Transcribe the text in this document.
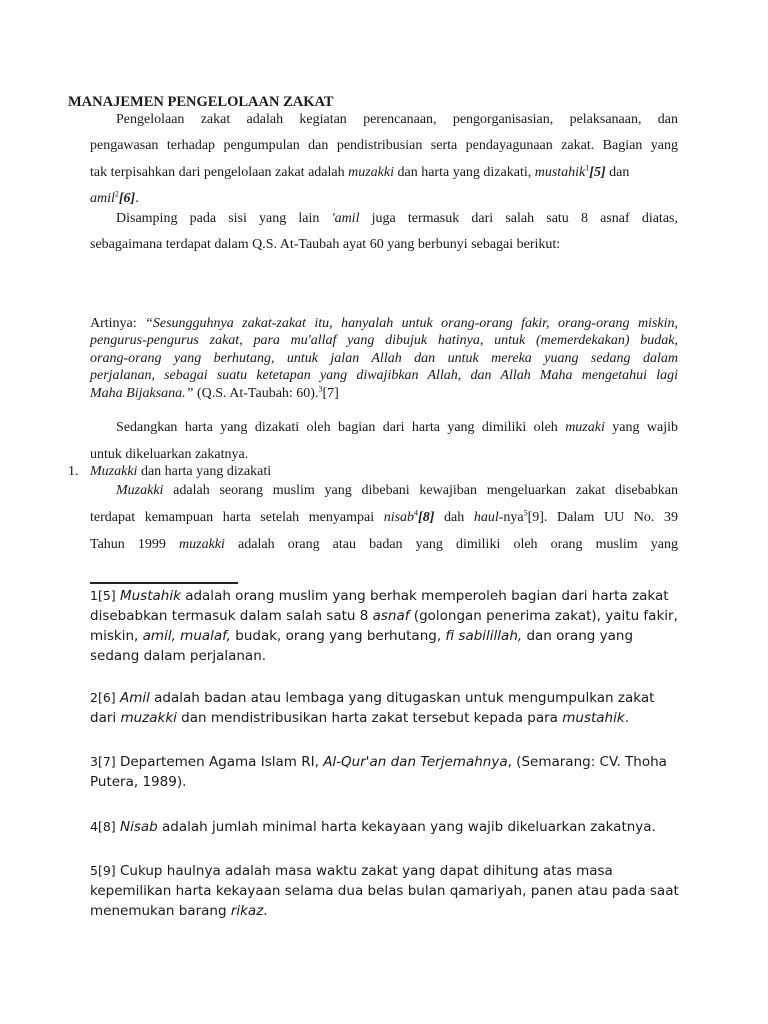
MANAJEMEN PENGELOLAAN ZAKAT
Pengelolaan zakat adalah kegiatan perencanaan, pengorganisasian, pelaksanaan, dan
pengawasan terhadap pengumpulan dan pendistribusian serta pendayagunaan zakat. Bagian yang
tak terpisahkan dari pengelolaan zakat adalah muzakki dan harta yang dizakati, mustahik$^1$[5] dan
amil$^2$[6].
Disamping pada sisi yang lain 'amil juga termasuk dari salah satu 8 asnaf diatas,
sebagaimana terdapat dalam Q.S. At-Taubah ayat 60 yang berbunyi sebagai berikut:
Artinya: “Sesungguhnya zakat-zakat itu, hanyalah untuk orang-orang fakir, orang-orang miskin,
pengurus-pengurus zakat, para mu'allaf yang dibujuk hatinya, untuk (memerdekakan) budak,
orang-orang yang berhutang, untuk jalan Allah dan untuk mereka yuang sedang dalam
perjalanan, sebagai suatu ketetapan yang diwajibkan Allah, dan Allah Maha mengetahui lagi
Maha Bijaksana.” (Q.S. At-Taubah: 60).$^3$[7]
Sedangkan harta yang dizakati oleh bagian dari harta yang dimiliki oleh muzaki yang wajib
untuk dikeluarkan zakatnya.
1. Muzakki dan harta yang dizakati
Muzakki adalah seorang muslim yang dibebani kewajiban mengeluarkan zakat disebabkan
terdapat kemampuan harta setelah menyampai nisab$^4$[8] dah haul-nya$^5$[9]. Dalam UU No. 39
Tahun 1999 muzakki adalah orang atau badan yang dimiliki oleh orang muslim yang
1[5] Mustahik adalah orang muslim yang berhak memperoleh bagian dari harta zakat disebabkan termasuk dalam salah satu 8 asnaf (golongan penerima zakat), yaitu fakir, miskin, amil, mualaf, budak, orang yang berhutang, fi sabilillah, dan orang yang sedang dalam perjalanan.
2[6] Amil adalah badan atau lembaga yang ditugaskan untuk mengumpulkan zakat dari muzakki dan mendistribusikan harta zakat tersebut kepada para mustahik.
3[7] Departemen Agama Islam RI, Al-Qur'an dan Terjemahnya, (Semarang: CV. Thoha Putera, 1989).
4[8] Nisab adalah jumlah minimal harta kekayaan yang wajib dikeluarkan zakatnya.
5[9] Cukup haulnya adalah masa waktu zakat yang dapat dihitung atas masa kepemilikan harta kekayaan selama dua belas bulan qamariyah, panen atau pada saat menemukan barang rikaz.
